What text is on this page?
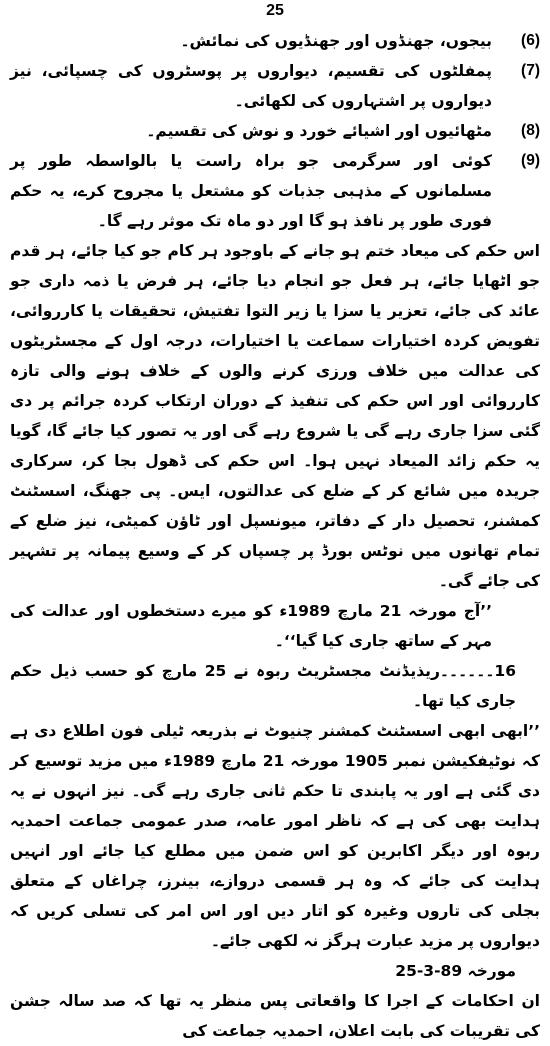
25
(6)
بیجوں، جھنڈوں اور جھنڈیوں کی نمائش۔
(7)
پمفلٹوں کی تقسیم، دیواروں پر پوسٹروں کی چسپائی، نیز دیواروں پر اشتہاروں کی لکھائی۔
(8)
مٹھائیوں اور اشیائے خورد و نوش کی تقسیم۔
(9)
کوئی اور سرگرمی جو براہ راست یا بالواسطہ طور پر مسلمانوں کے مذہبی جذبات کو مشتعل یا مجروح کرے، یہ حکم فوری طور پر نافذ ہو گا اور دو ماہ تک موثر رہے گا۔

اس حکم کی میعاد ختم ہو جانے کے باوجود ہر کام جو کیا جائے، ہر قدم جو اٹھایا جائے، ہر فعل جو انجام دیا جائے، ہر فرض یا ذمہ داری جو عائد کی جائے، تعزیر یا سزا یا زیر التوا تفتیش، تحقیقات یا کارروائی، تفویض کردہ اختیارات سماعت یا اختیارات، درجہ اول کے مجسٹریٹوں کی عدالت میں خلاف ورزی کرنے والوں کے خلاف ہونے والی تازہ کارروائی اور اس حکم کی تنفیذ کے دوران ارتکاب کردہ جرائم پر دی گئی سزا جاری رہے گی یا شروع رہے گی اور یہ تصور کیا جائے گا، گویا یہ حکم زائد المیعاد نہیں ہوا۔ اس حکم کی ڈھول بجا کر، سرکاری جریدہ میں شائع کر کے ضلع کی عدالتوں، ایس۔ پی جھنگ، اسسٹنٹ کمشنر، تحصیل دار کے دفاتر، میونسپل اور ٹاؤن کمیٹی، نیز ضلع کے تمام تھانوں میں نوٹس بورڈ پر چسپاں کر کے وسیع پیمانہ پر تشہیر کی جائے گی۔

’’آج مورخہ 21 مارچ 1989ء کو میرے دستخطوں اور عدالت کی مہر کے ساتھ جاری کیا گیا‘‘۔

16۔۔۔۔۔۔ریذیڈنٹ مجسٹریٹ ربوہ نے 25 مارچ کو حسب ذیل حکم جاری کیا تھا۔

’’ابھی ابھی اسسٹنٹ کمشنر چنیوٹ نے بذریعہ ٹیلی فون اطلاع دی ہے کہ نوٹیفکیشن نمبر 1905 مورخہ 21 مارچ 1989ء میں مزید توسیع کر دی گئی ہے اور یہ پابندی تا حکم ثانی جاری رہے گی۔ نیز انہوں نے یہ ہدایت بھی کی ہے کہ ناظر امور عامہ، صدر عمومی جماعت احمدیہ ربوہ اور دیگر اکابرین کو اس ضمن میں مطلع کیا جائے اور انہیں ہدایت کی جائے کہ وہ ہر قسمی دروازے، بینرز، چراغاں کے متعلق بجلی کی تاروں وغیرہ کو اتار دیں اور اس امر کی تسلی کریں کہ دیواروں پر مزید عبارت ہرگز نہ لکھی جائے۔

مورخہ 89-3-25

ان احکامات کے اجرا کا واقعاتی پس منظر یہ تھا کہ صد سالہ جشن کی تقریبات کی بابت اعلان، احمدیہ جماعت کی
